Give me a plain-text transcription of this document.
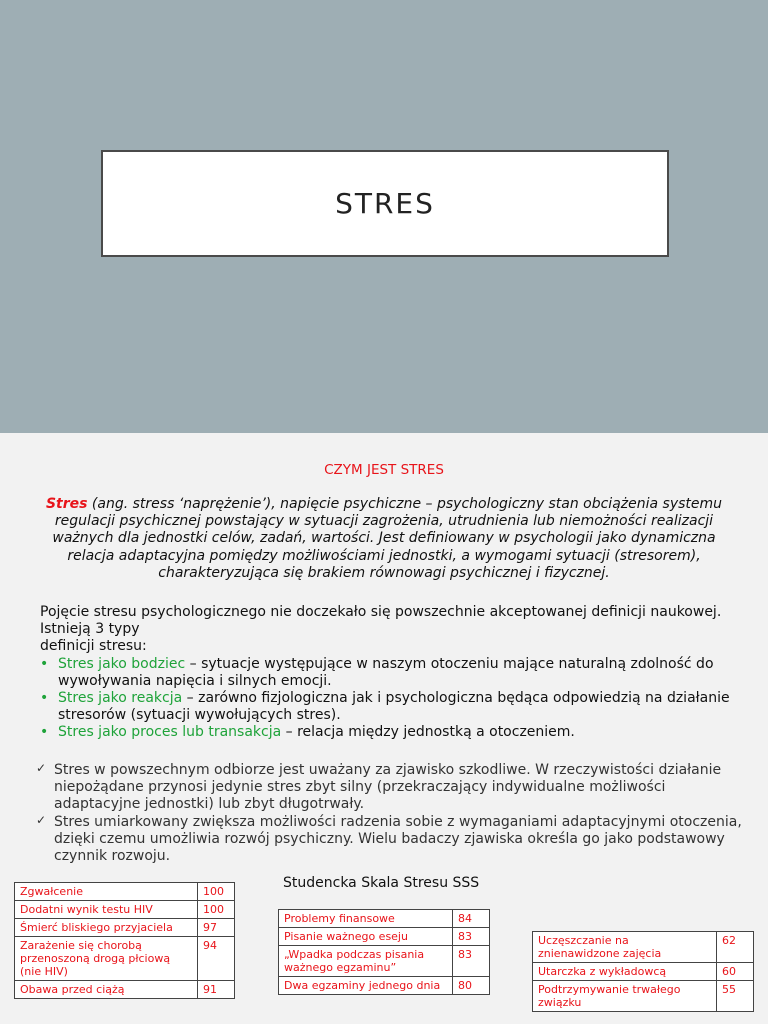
STRES
CZYM JEST STRES
Stres (ang. stress ‘naprężenie’), napięcie psychiczne – psychologiczny stan obciążenia systemu regulacji psychicznej powstający w sytuacji zagrożenia, utrudnienia lub niemożności realizacji ważnych dla jednostki celów, zadań, wartości. Jest definiowany w psychologii jako dynamiczna relacja adaptacyjna pomiędzy możliwościami jednostki, a wymogami sytuacji (stresorem), charakteryzująca się brakiem równowagi psychicznej i fizycznej.

Pojęcie stresu psychologicznego nie doczekało się powszechnie akceptowanej definicji naukowej.

Istnieją 3 typy

definicji stresu:

• Stres jako bodziec – sytuacje występujące w naszym otoczeniu mające naturalną zdolność do wywoływania napięcia i silnych emocji.
• Stres jako reakcja – zarówno fizjologiczna jak i psychologiczna będąca odpowiedzią na działanie stresorów (sytuacji wywołujących stres).
• Stres jako proces lub transakcja – relacja między jednostką a otoczeniem.
✓ Stres w powszechnym odbiorze jest uważany za zjawisko szkodliwe. W rzeczywistości działanie niepożądane przynosi jedynie stres zbyt silny (przekraczający indywidualne możliwości adaptacyjne jednostki) lub zbyt długotrwały.
✓ Stres umiarkowany zwiększa możliwości radzenia sobie z wymaganiami adaptacyjnymi otoczenia, dzięki czemu umożliwia rozwój psychiczny. Wielu badaczy zjawiska określa go jako podstawowy czynnik rozwoju.
Studencka Skala Stresu SSS
Zgwałcenie	100
Dodatni wynik testu HIV	100
Śmierć bliskiego przyjaciela	97
Zarażenie się chorobą przenoszoną drogą płciową (nie HIV)	94
Obawa przed ciążą	91
Problemy finansowe	84
Pisanie ważnego eseju	83
„Wpadka podczas pisania ważnego egzaminu”	83
Dwa egzaminy jednego dnia	80
Uczęszczanie na znienawidzone zajęcia	62
Utarczka z wykładowcą	60
Podtrzymywanie trwałego związku	55
